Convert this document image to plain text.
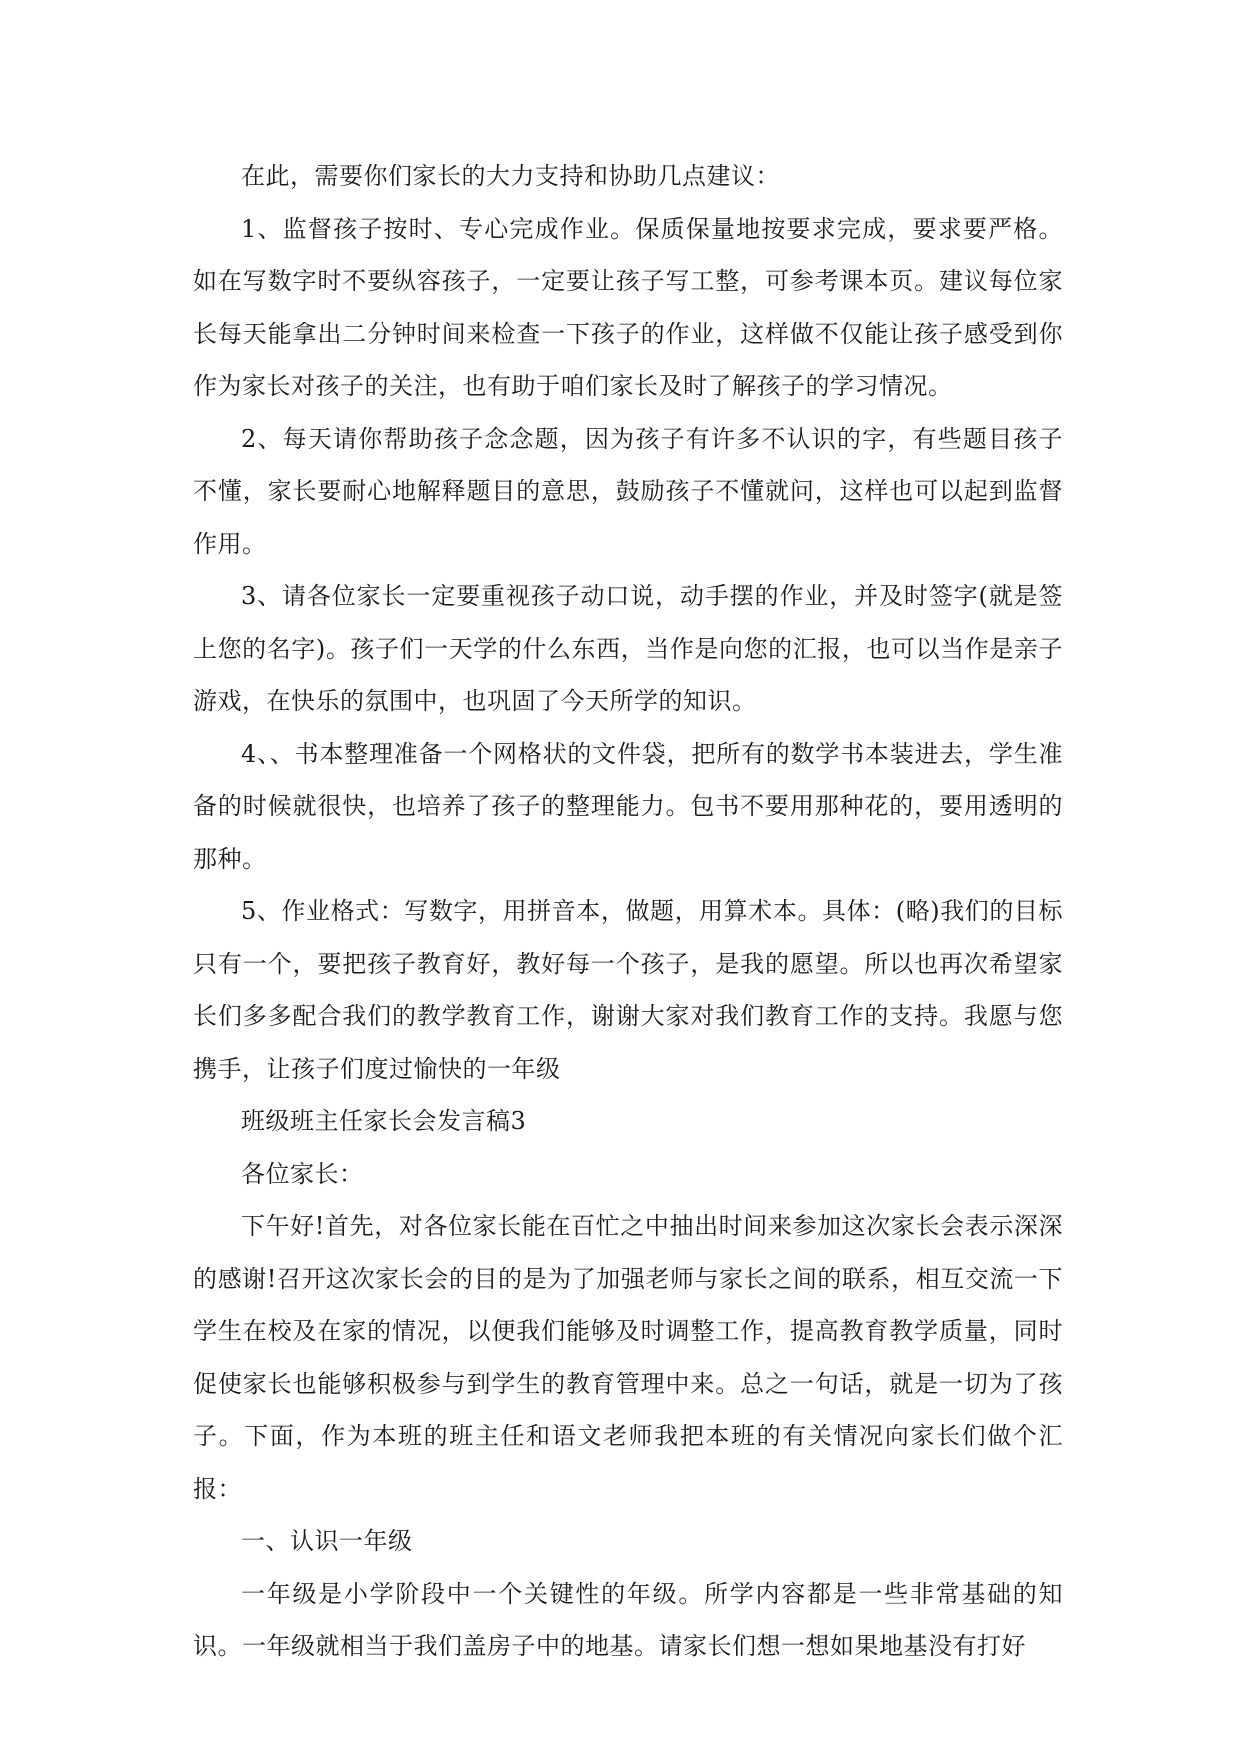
在此，需要你们家长的大力支持和协助几点建议：

1、监督孩子按时、专心完成作业。保质保量地按要求完成，要求要严格。如在写数字时不要纵容孩子，一定要让孩子写工整，可参考课本页。建议每位家长每天能拿出二分钟时间来检查一下孩子的作业，这样做不仅能让孩子感受到你作为家长对孩子的关注，也有助于咱们家长及时了解孩子的学习情况。

2、每天请你帮助孩子念念题，因为孩子有许多不认识的字，有些题目孩子不懂，家长要耐心地解释题目的意思，鼓励孩子不懂就问，这样也可以起到监督作用。

3、请各位家长一定要重视孩子动口说，动手摆的作业，并及时签字(就是签上您的名字)。孩子们一天学的什么东西，当作是向您的汇报，也可以当作是亲子游戏，在快乐的氛围中，也巩固了今天所学的知识。

4、、书本整理准备一个网格状的文件袋，把所有的数学书本装进去，学生准备的时候就很快，也培养了孩子的整理能力。包书不要用那种花的，要用透明的那种。

5、作业格式：写数字，用拼音本，做题，用算术本。具体：(略)我们的目标只有一个，要把孩子教育好，教好每一个孩子，是我的愿望。所以也再次希望家长们多多配合我们的教学教育工作，谢谢大家对我们教育工作的支持。我愿与您携手，让孩子们度过愉快的一年级

班级班主任家长会发言稿3

各位家长：

下午好!首先，对各位家长能在百忙之中抽出时间来参加这次家长会表示深深的感谢!召开这次家长会的目的是为了加强老师与家长之间的联系，相互交流一下学生在校及在家的情况，以便我们能够及时调整工作，提高教育教学质量，同时促使家长也能够积极参与到学生的教育管理中来。总之一句话，就是一切为了孩子。下面，作为本班的班主任和语文老师我把本班的有关情况向家长们做个汇报：

一、认识一年级

一年级是小学阶段中一个关键性的年级。所学内容都是一些非常基础的知识。一年级就相当于我们盖房子中的地基。请家长们想一想如果地基没有打好
